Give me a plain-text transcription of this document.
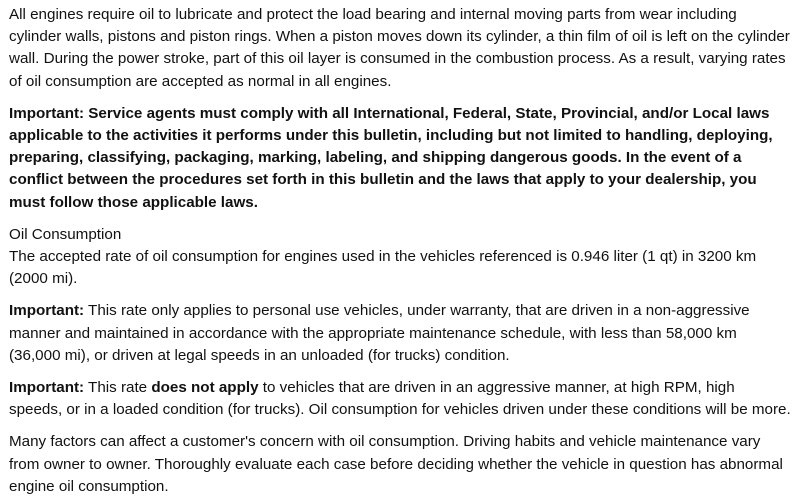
All engines require oil to lubricate and protect the load bearing and internal moving parts from wear including cylinder walls, pistons and piston rings. When a piston moves down its cylinder, a thin film of oil is left on the cylinder wall. During the power stroke, part of this oil layer is consumed in the combustion process. As a result, varying rates of oil consumption are accepted as normal in all engines.

Important: Service agents must comply with all International, Federal, State, Provincial, and/or Local laws applicable to the activities it performs under this bulletin, including but not limited to handling, deploying, preparing, classifying, packaging, marking, labeling, and shipping dangerous goods. In the event of a conflict between the procedures set forth in this bulletin and the laws that apply to your dealership, you must follow those applicable laws.

Oil Consumption

The accepted rate of oil consumption for engines used in the vehicles referenced is 0.946 liter (1 qt) in 3200 km (2000 mi).

Important: This rate only applies to personal use vehicles, under warranty, that are driven in a non-aggressive manner and maintained in accordance with the appropriate maintenance schedule, with less than 58,000 km (36,000 mi), or driven at legal speeds in an unloaded (for trucks) condition.

Important: This rate does not apply to vehicles that are driven in an aggressive manner, at high RPM, high speeds, or in a loaded condition (for trucks). Oil consumption for vehicles driven under these conditions will be more.

Many factors can affect a customer's concern with oil consumption. Driving habits and vehicle maintenance vary from owner to owner. Thoroughly evaluate each case before deciding whether the vehicle in question has abnormal engine oil consumption.
